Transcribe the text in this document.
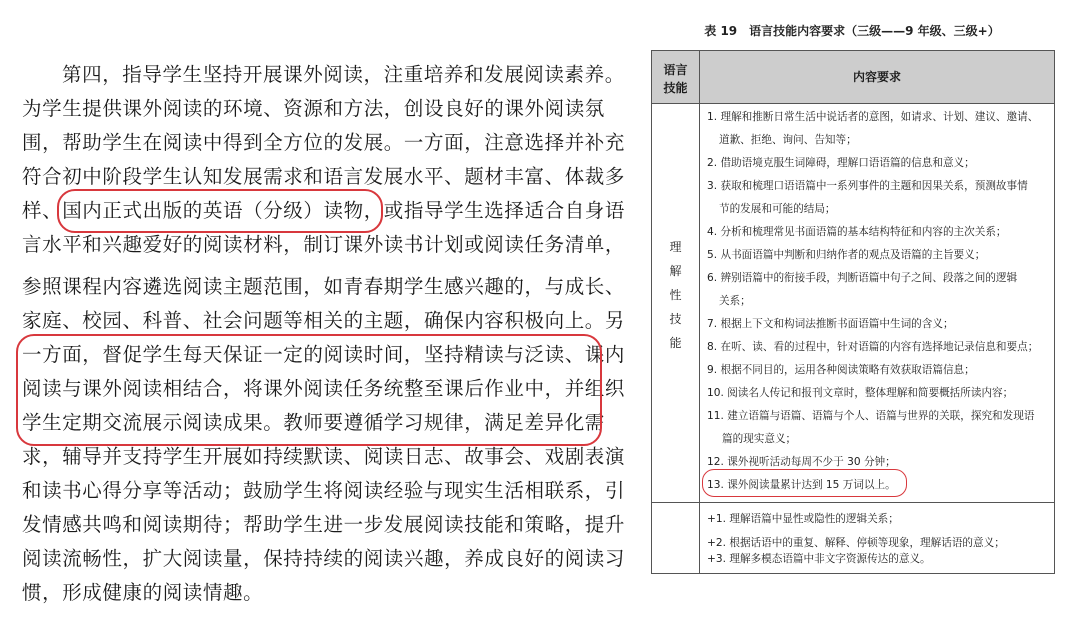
第四，指导学生坚持开展课外阅读，注重培养和发展阅读素养。
为学生提供课外阅读的环境、资源和方法，创设良好的课外阅读氛
围，帮助学生在阅读中得到全方位的发展。一方面，注意选择并补充
符合初中阶段学生认知发展需求和语言发展水平、题材丰富、体裁多
样、国内正式出版的英语（分级）读物，或指导学生选择适合自身语
言水平和兴趣爱好的阅读材料，制订课外读书计划或阅读任务清单，
参照课程内容遴选阅读主题范围，如青春期学生感兴趣的，与成长、
家庭、校园、科普、社会问题等相关的主题，确保内容积极向上。另
一方面，督促学生每天保证一定的阅读时间，坚持精读与泛读、课内
阅读与课外阅读相结合，将课外阅读任务统整至课后作业中，并组织
学生定期交流展示阅读成果。教师要遵循学习规律，满足差异化需
求，辅导并支持学生开展如持续默读、阅读日志、故事会、戏剧表演
和读书心得分享等活动；鼓励学生将阅读经验与现实生活相联系，引
发情感共鸣和阅读期待；帮助学生进一步发展阅读技能和策略，提升
阅读流畅性，扩大阅读量，保持持续的阅读兴趣，养成良好的阅读习
惯，形成健康的阅读情趣。
表 19　语言技能内容要求（三级——9 年级、三级+）
语言
技能
内容要求
理
解
性
技
能
1. 理解和推断日常生活中说话者的意图，如请求、计划、建议、邀请、
道歉、拒绝、询问、告知等；
2. 借助语境克服生词障碍，理解口语语篇的信息和意义；
3. 获取和梳理口语语篇中一系列事件的主题和因果关系，预测故事情
节的发展和可能的结局；
4. 分析和梳理常见书面语篇的基本结构特征和内容的主次关系；
5. 从书面语篇中判断和归纳作者的观点及语篇的主旨要义；
6. 辨别语篇中的衔接手段，判断语篇中句子之间、段落之间的逻辑
关系；
7. 根据上下文和构词法推断书面语篇中生词的含义；
8. 在听、读、看的过程中，针对语篇的内容有选择地记录信息和要点；
9. 根据不同目的，运用各种阅读策略有效获取语篇信息；
10. 阅读名人传记和报刊文章时，整体理解和简要概括所读内容；
11. 建立语篇与语篇、语篇与个人、语篇与世界的关联，探究和发现语
篇的现实意义；
12. 课外视听活动每周不少于 30 分钟；
13. 课外阅读量累计达到 15 万词以上。
+1. 理解语篇中显性或隐性的逻辑关系；
+2. 根据话语中的重复、解释、停顿等现象，理解话语的意义；
+3. 理解多模态语篇中非文字资源传达的意义。
